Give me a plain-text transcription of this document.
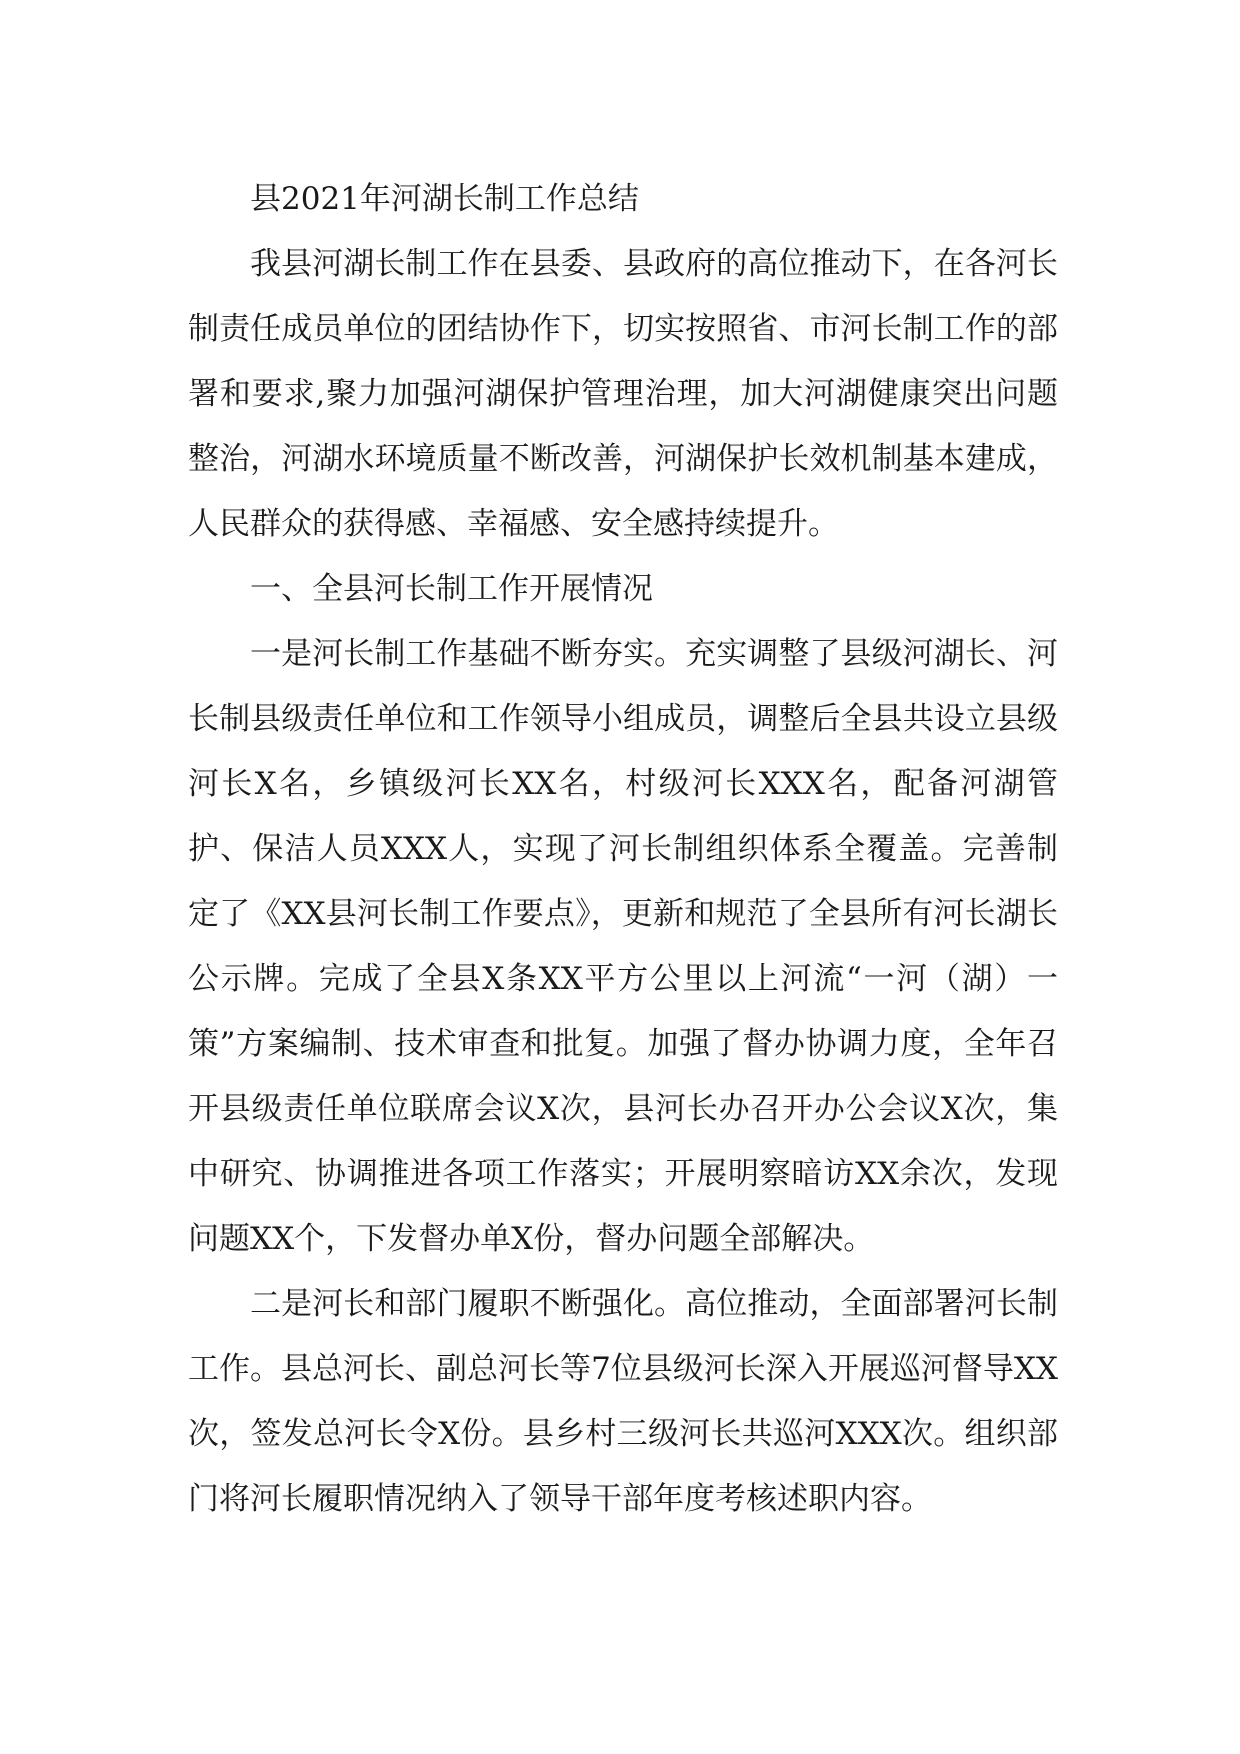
县2021年河湖长制工作总结

我县河湖长制工作在县委、县政府的高位推动下，在各河长制责任成员单位的团结协作下，切实按照省、市河长制工作的部署和要求,聚力加强河湖保护管理治理，加大河湖健康突出问题整治，河湖水环境质量不断改善，河湖保护长效机制基本建成，人民群众的获得感、幸福感、安全感持续提升。

一、全县河长制工作开展情况

一是河长制工作基础不断夯实。充实调整了县级河湖长、河长制县级责任单位和工作领导小组成员，调整后全县共设立县级河长X名，乡镇级河长XX名，村级河长XXX名，配备河湖管护、保洁人员XXX人，实现了河长制组织体系全覆盖。完善制定了《XX县河长制工作要点》，更新和规范了全县所有河长湖长公示牌。完成了全县X条XX平方公里以上河流“一河（湖）一策”方案编制、技术审查和批复。加强了督办协调力度，全年召开县级责任单位联席会议X次，县河长办召开办公会议X次，集中研究、协调推进各项工作落实；开展明察暗访XX余次，发现问题XX个，下发督办单X份，督办问题全部解决。

二是河长和部门履职不断强化。高位推动，全面部署河长制工作。县总河长、副总河长等7位县级河长深入开展巡河督导XX次，签发总河长令X份。县乡村三级河长共巡河XXX次。组织部门将河长履职情况纳入了领导干部年度考核述职内容。
